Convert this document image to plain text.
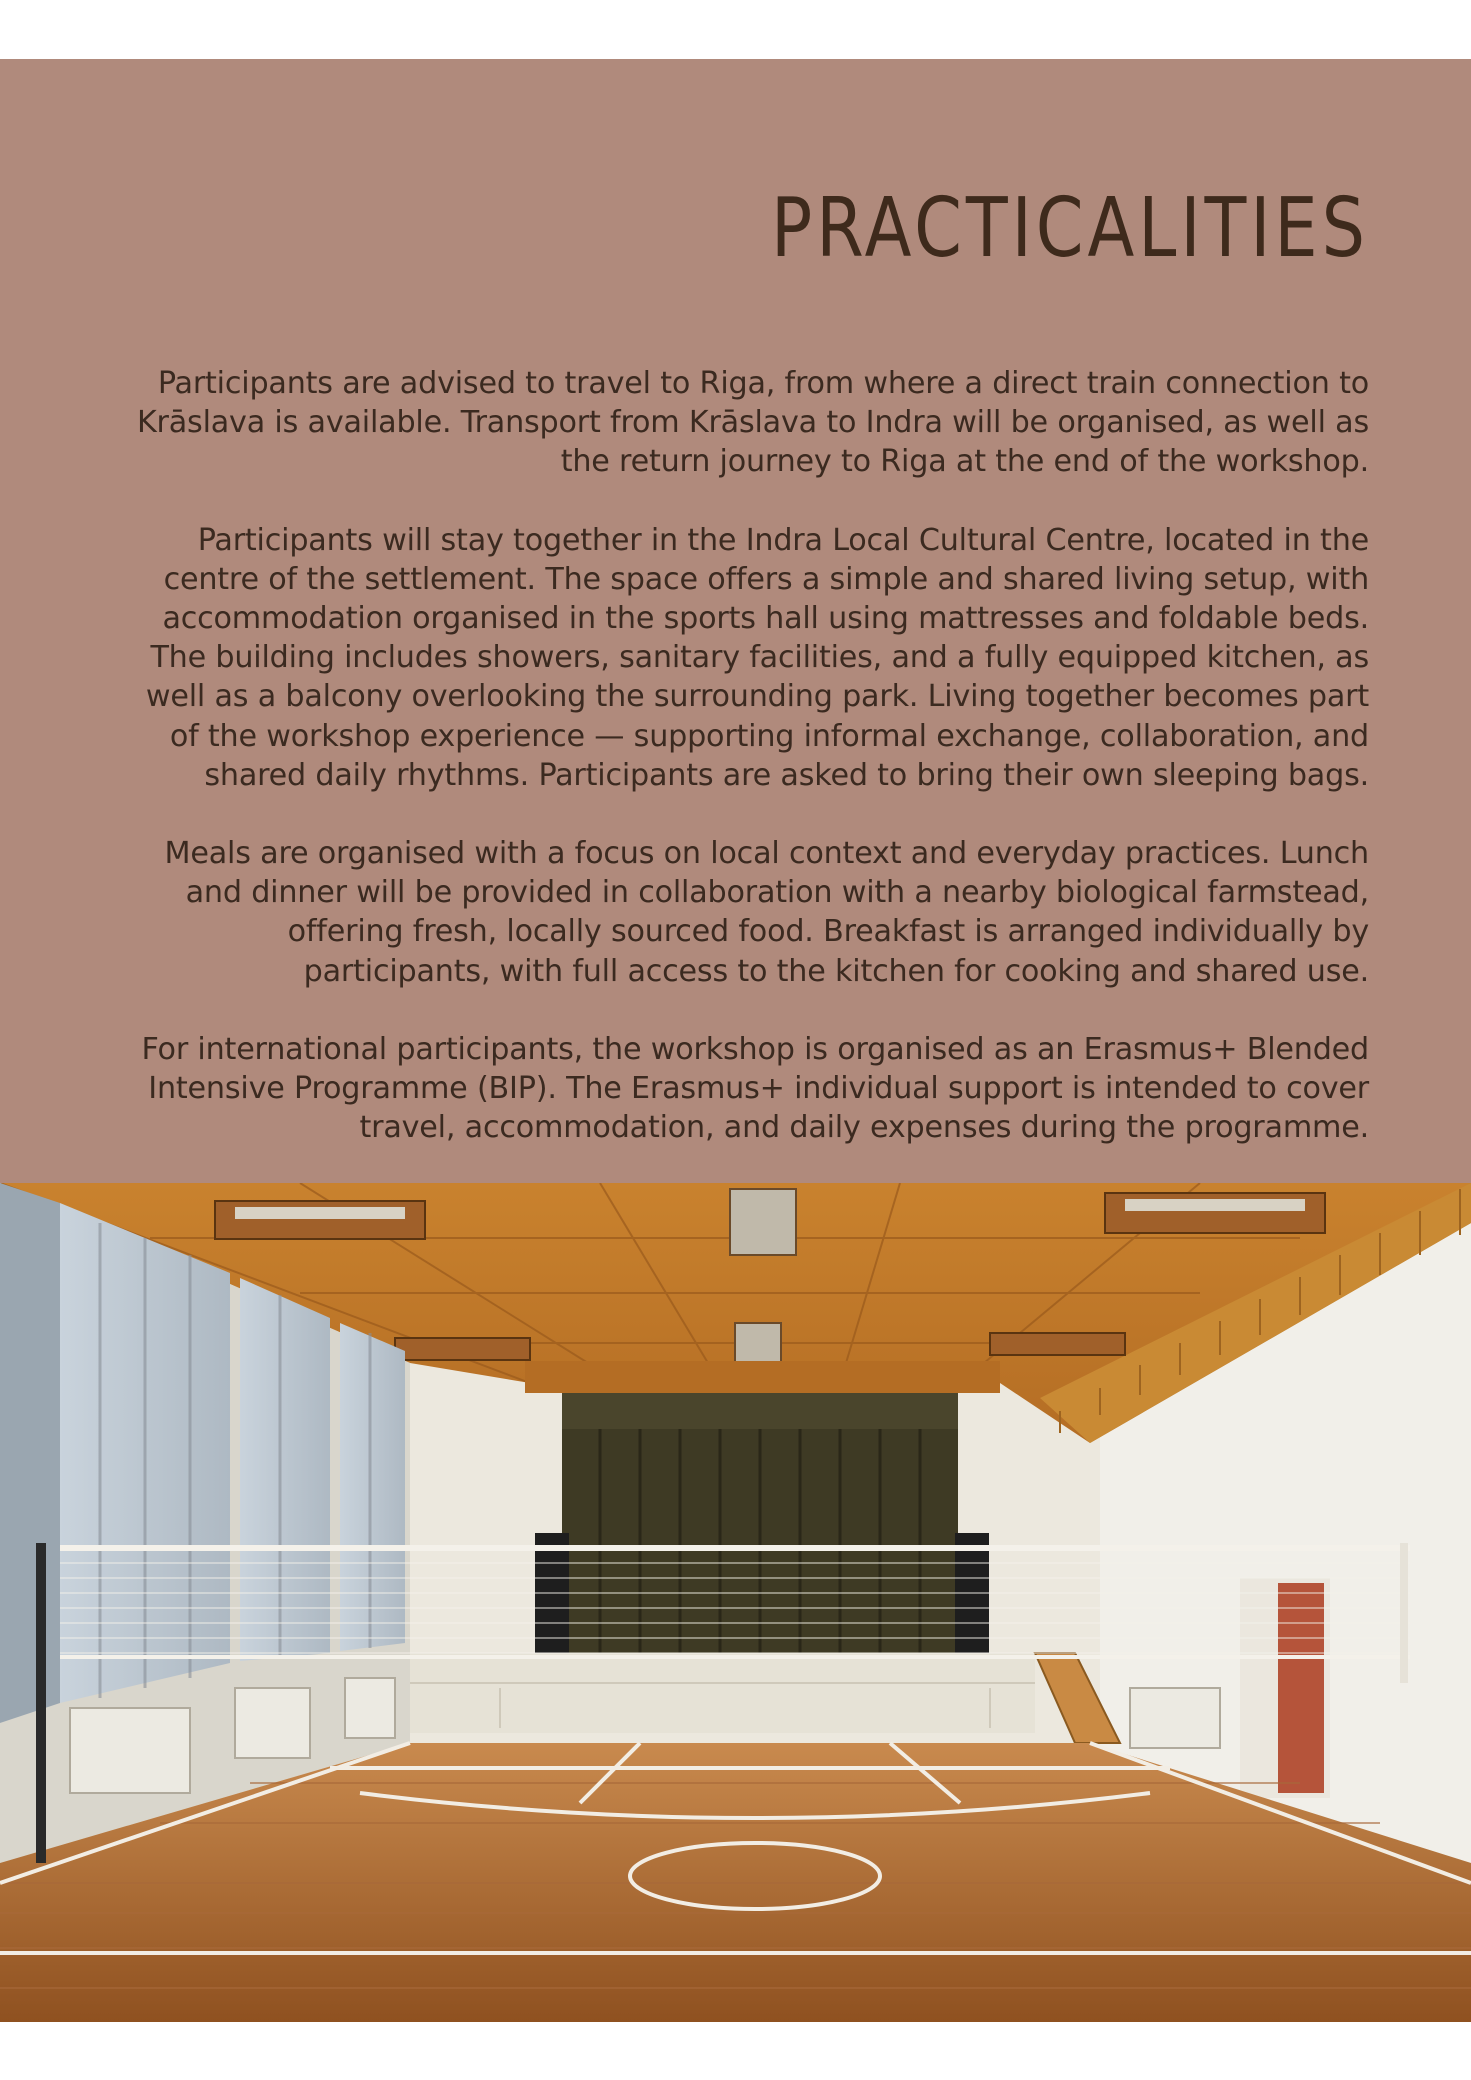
PRACTICALITIES

Participants are advised to travel to Riga, from where a direct train connection to Krāslava is available. Transport from Krāslava to Indra will be organised, as well as the return journey to Riga at the end of the workshop.

Participants will stay together in the Indra Local Cultural Centre, located in the centre of the settlement. The space offers a simple and shared living setup, with accommodation organised in the sports hall using mattresses and foldable beds. The building includes showers, sanitary facilities, and a fully equipped kitchen, as well as a balcony overlooking the surrounding park. Living together becomes part of the workshop experience — supporting informal exchange, collaboration, and shared daily rhythms. Participants are asked to bring their own sleeping bags.

Meals are organised with a focus on local context and everyday practices. Lunch and dinner will be provided in collaboration with a nearby biological farmstead, offering fresh, locally sourced food. Breakfast is arranged individually by participants, with full access to the kitchen for cooking and shared use.

For international participants, the workshop is organised as an Erasmus+ Blended Intensive Programme (BIP). The Erasmus+ individual support is intended to cover travel, accommodation, and daily expenses during the programme.
